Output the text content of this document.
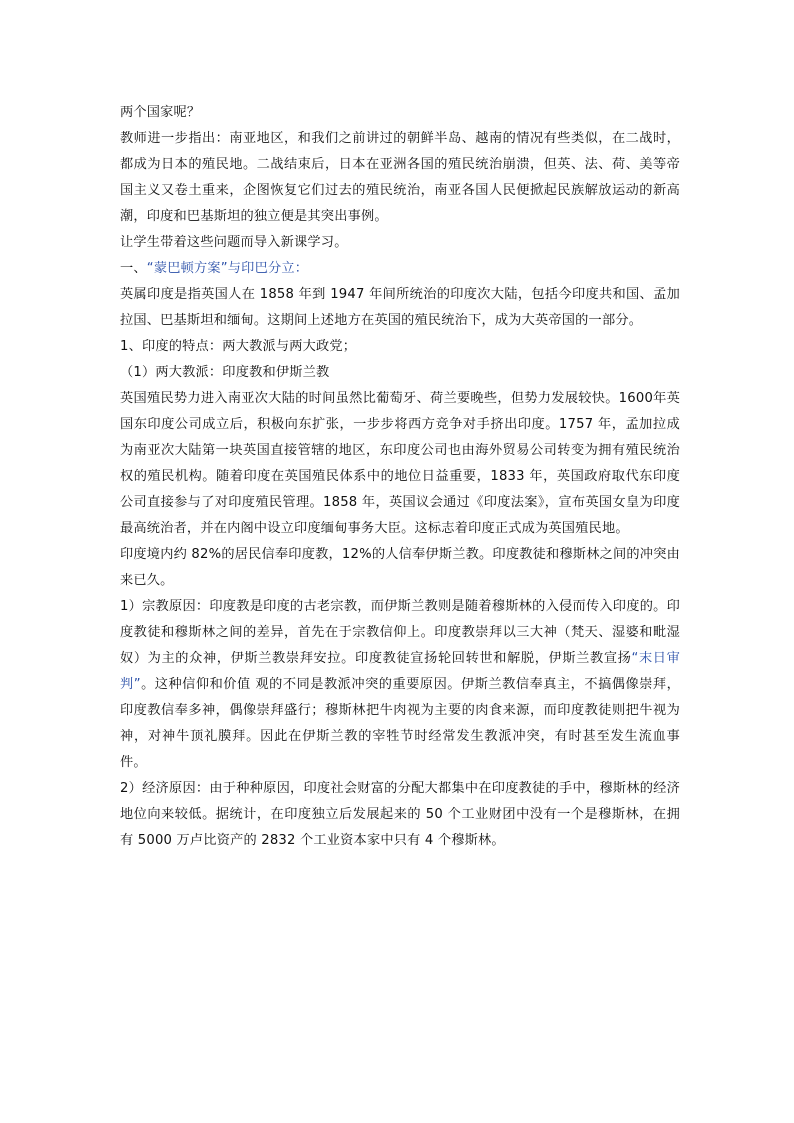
两个国家呢？

教师进一步指出：南亚地区，和我们之前讲过的朝鲜半岛、越南的情况有些类似，在二战时，都成为日本的殖民地。二战结束后，日本在亚洲各国的殖民统治崩溃，但英、法、荷、美等帝国主义又卷土重来，企图恢复它们过去的殖民统治，南亚各国人民便掀起民族解放运动的新高潮，印度和巴基斯坦的独立便是其突出事例。

让学生带着这些问题而导入新课学习。

一、“蒙巴顿方案”与印巴分立：

英属印度是指英国人在 1858 年到 1947 年间所统治的印度次大陆，包括今印度共和国、孟加拉国、巴基斯坦和缅甸。这期间上述地方在英国的殖民统治下，成为大英帝国的一部分。

1、印度的特点：两大教派与两大政党；

（1）两大教派：印度教和伊斯兰教

英国殖民势力进入南亚次大陆的时间虽然比葡萄牙、荷兰要晚些，但势力发展较快。1600年英国东印度公司成立后，积极向东扩张，一步步将西方竞争对手挤出印度。1757 年，孟加拉成为南亚次大陆第一块英国直接管辖的地区，东印度公司也由海外贸易公司转变为拥有殖民统治权的殖民机构。随着印度在英国殖民体系中的地位日益重要，1833 年，英国政府取代东印度公司直接参与了对印度殖民管理。1858 年，英国议会通过《印度法案》，宣布英国女皇为印度最高统治者，并在内阁中设立印度缅甸事务大臣。这标志着印度正式成为英国殖民地。

印度境内约 82%的居民信奉印度教，12%的人信奉伊斯兰教。印度教徒和穆斯林之间的冲突由来已久。

1）宗教原因：印度教是印度的古老宗教，而伊斯兰教则是随着穆斯林的入侵而传入印度的。印度教徒和穆斯林之间的差异，首先在于宗教信仰上。印度教崇拜以三大神（梵天、湿婆和毗湿奴）为主的众神，伊斯兰教崇拜安拉。印度教徒宣扬轮回转世和解脱，伊斯兰教宣扬“末日审判”。这种信仰和价值 观的不同是教派冲突的重要原因。伊斯兰教信奉真主，不搞偶像崇拜，印度教信奉多神，偶像崇拜盛行；穆斯林把牛肉视为主要的肉食来源，而印度教徒则把牛视为神，对神牛顶礼膜拜。因此在伊斯兰教的宰牲节时经常发生教派冲突，有时甚至发生流血事件。

2）经济原因：由于种种原因，印度社会财富的分配大都集中在印度教徒的手中，穆斯林的经济地位向来较低。据统计，在印度独立后发展起来的 50 个工业财团中没有一个是穆斯林，在拥有 5000 万卢比资产的 2832 个工业资本家中只有 4 个穆斯林。
